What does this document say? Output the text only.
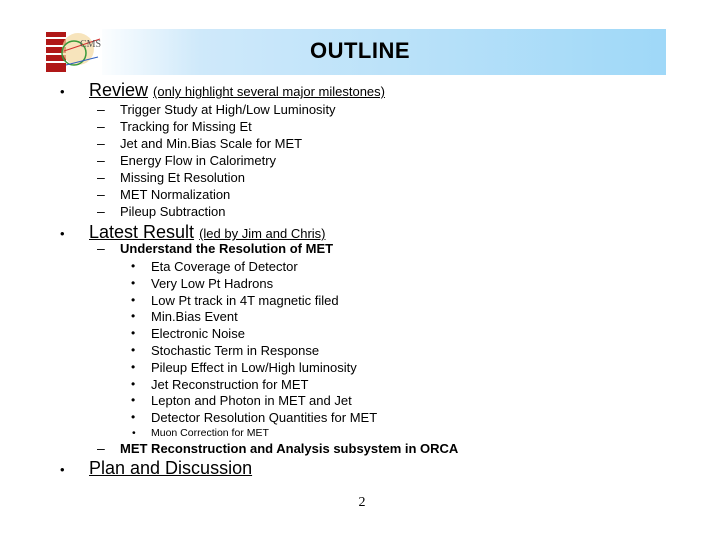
CMS	OUTLINE
• Review (only highlight several major milestones)
– Trigger Study at High/Low Luminosity
– Tracking for Missing Et
– Jet and Min.Bias Scale for MET
– Energy Flow in Calorimetry
– Missing Et Resolution
– MET Normalization
– Pileup Subtraction
• Latest Result (led by Jim and Chris)
– Understand the Resolution of MET
• Eta Coverage of Detector
• Very Low Pt Hadrons
• Low Pt track in 4T magnetic filed
• Min.Bias Event
• Electronic Noise
• Stochastic Term in Response
• Pileup Effect in Low/High luminosity
• Jet Reconstruction for MET
• Lepton and Photon in MET and Jet
• Detector Resolution Quantities for MET
• Muon Correction for MET
– MET Reconstruction and Analysis subsystem in ORCA
• Plan and Discussion
2
